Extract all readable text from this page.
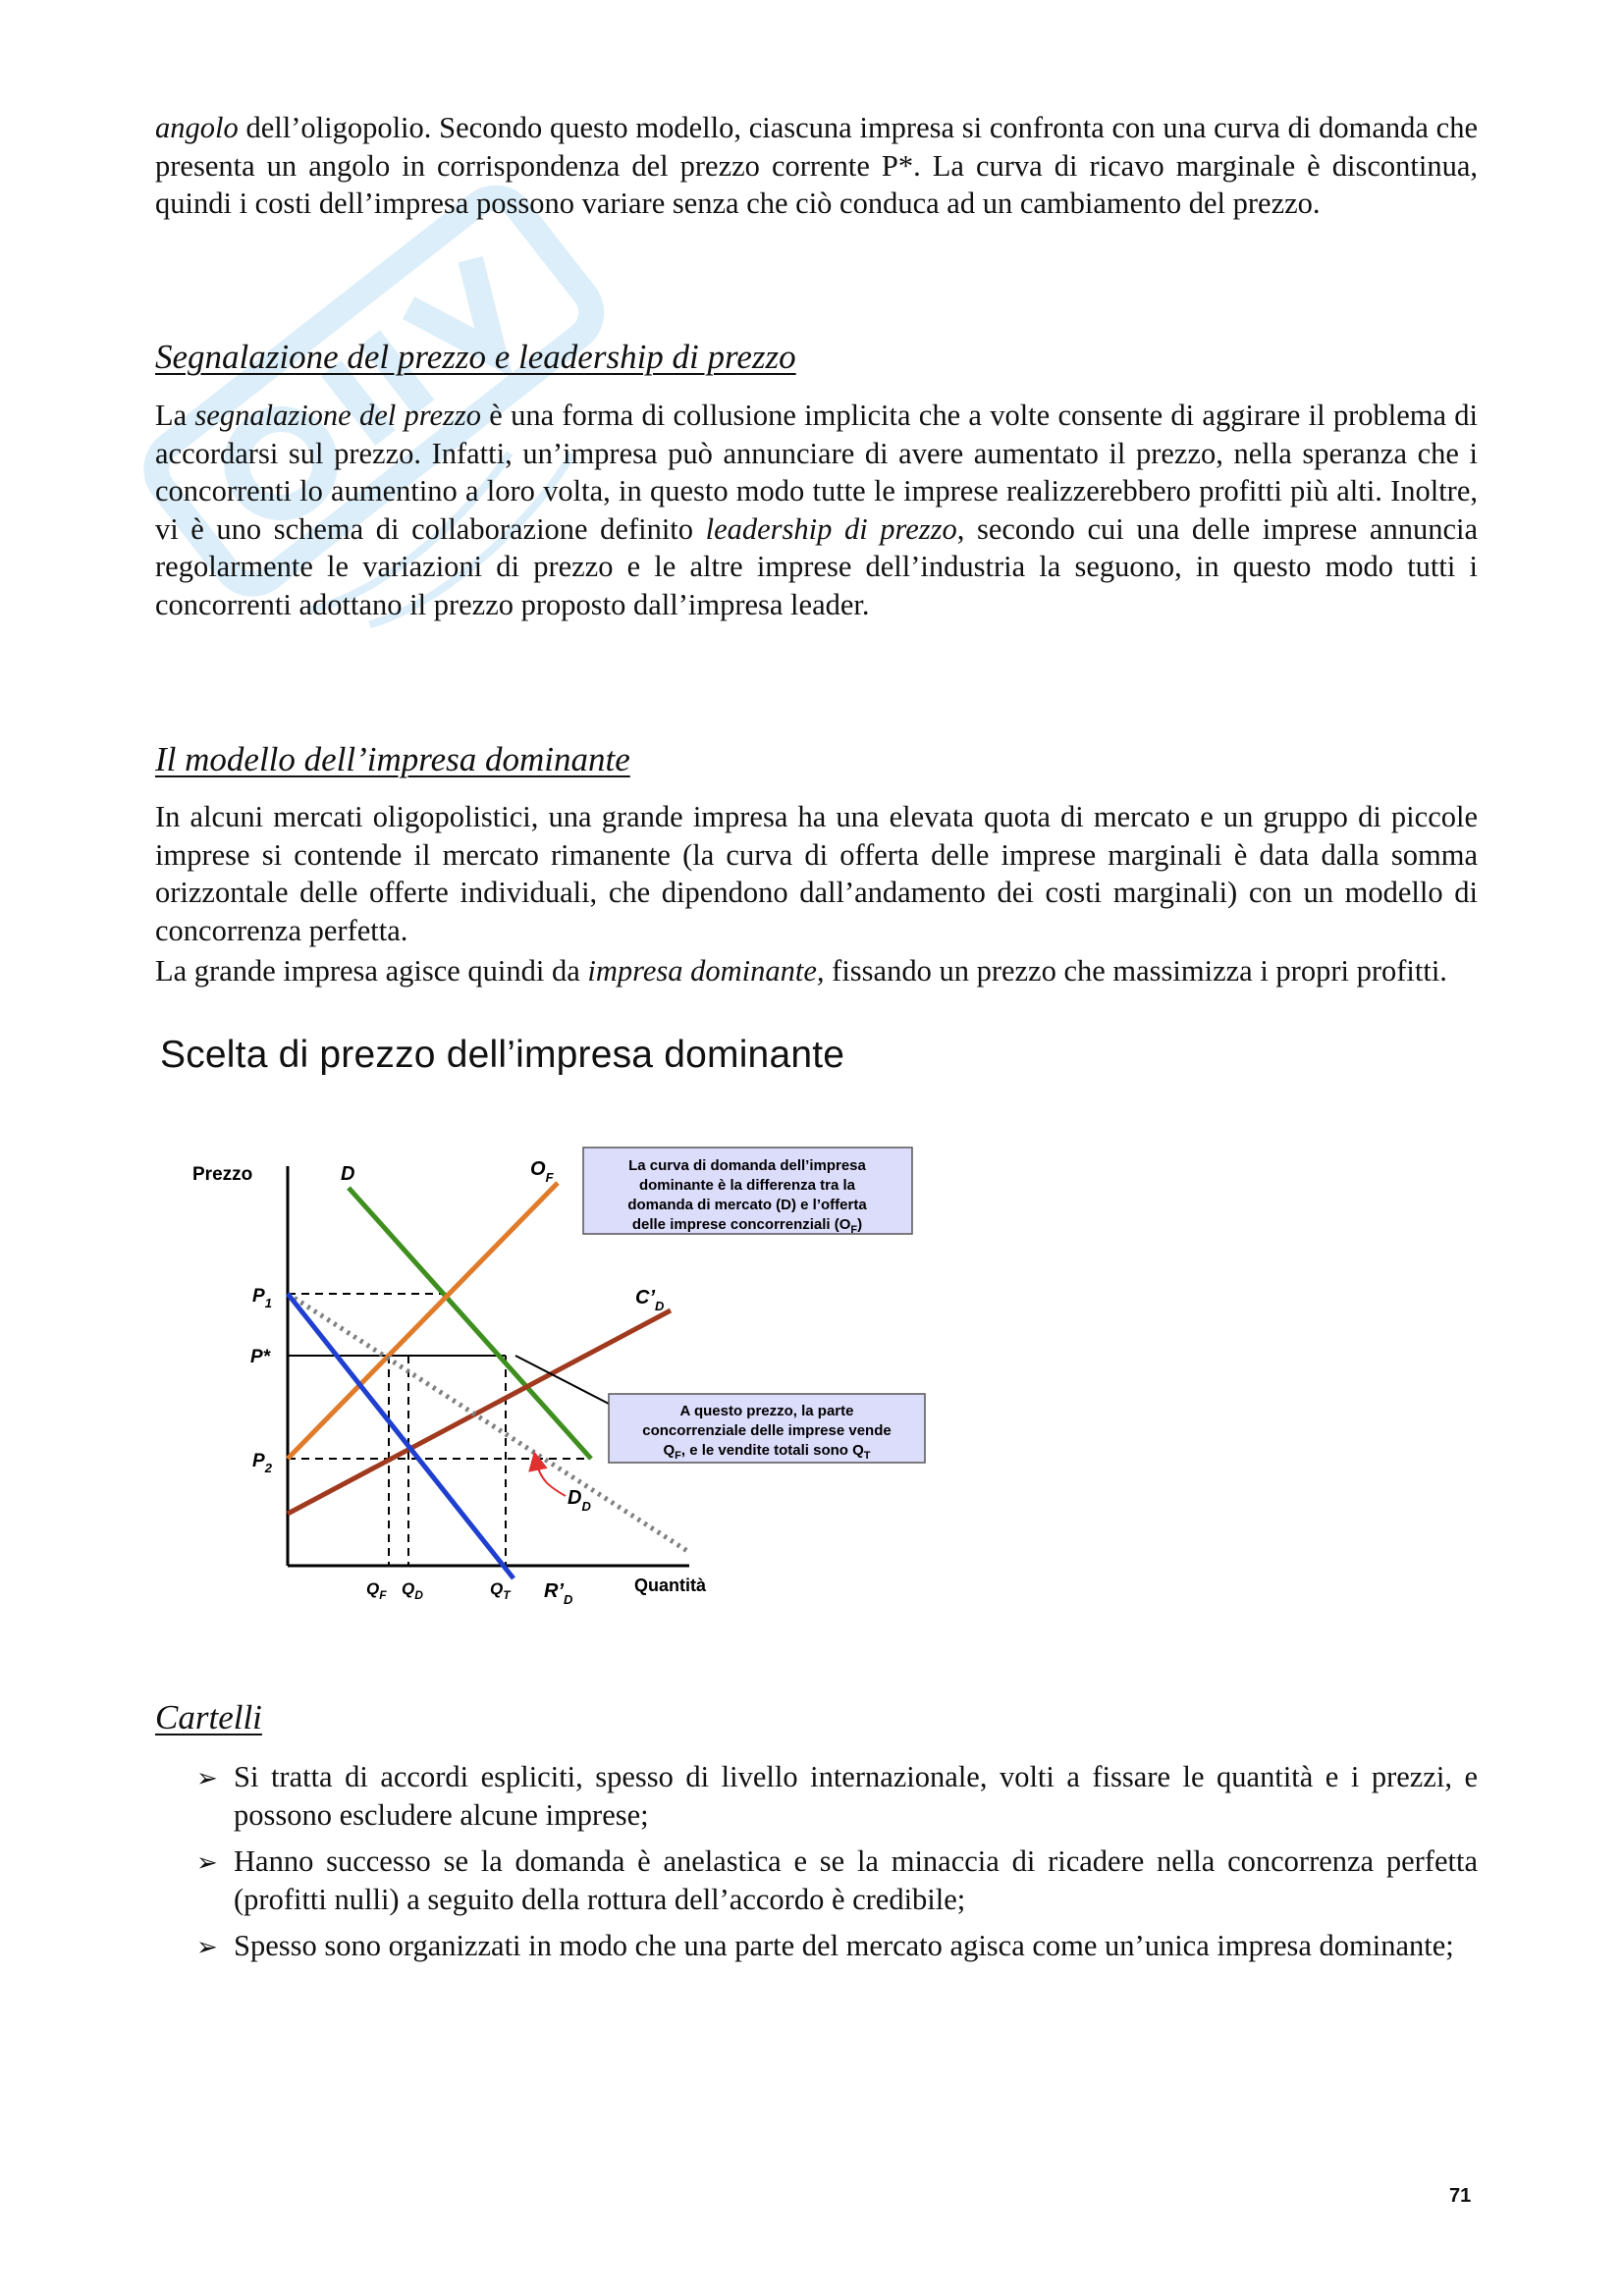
angolo dell’oligopolio. Secondo questo modello, ciascuna impresa si confronta con una curva di domanda che presenta un angolo in corrispondenza del prezzo corrente P*. La curva di ricavo marginale è discontinua, quindi i costi dell’impresa possono variare senza che ciò conduca ad un cambiamento del prezzo.

Segnalazione del prezzo e leadership di prezzo

La segnalazione del prezzo è una forma di collusione implicita che a volte consente di aggirare il problema di accordarsi sul prezzo. Infatti, un’impresa può annunciare di avere aumentato il prezzo, nella speranza che i concorrenti lo aumentino a loro volta, in questo modo tutte le imprese realizzerebbero profitti più alti. Inoltre, vi è uno schema di collaborazione definito leadership di prezzo, secondo cui una delle imprese annuncia regolarmente le variazioni di prezzo e le altre imprese dell’industria la seguono, in questo modo tutti i concorrenti adottano il prezzo proposto dall’impresa leader.

Il modello dell’impresa dominante

In alcuni mercati oligopolistici, una grande impresa ha una elevata quota di mercato e un gruppo di piccole imprese si contende il mercato rimanente (la curva di offerta delle imprese marginali è data dalla somma orizzontale delle offerte individuali, che dipendono dall’andamento dei costi marginali) con un modello di concorrenza perfetta.

La grande impresa agisce quindi da impresa dominante, fissando un prezzo che massimizza i propri profitti.

Scelta di prezzo dell’impresa dominante
Prezzo
Quantità
$P_1$
P*
$P_2$
$Q_F$ $Q_D$	$Q_T$
D	$O_F$
$C’_D$
$D_D$
$R’_D$
La curva di domanda dell’impresa
dominante è la differenza tra la
domanda di mercato (D) e l’offerta
delle imprese concorrenziali $(O_F)$
A questo prezzo, la parte
concorrenziale delle imprese vende
$Q_F$, e le vendite totali sono $Q_T$
Cartelli
➢ Si tratta di accordi espliciti, spesso di livello internazionale, volti a fissare le quantità e i prezzi, e possono escludere alcune imprese;
➢ Hanno successo se la domanda è anelastica e se la minaccia di ricadere nella concorrenza perfetta (profitti nulli) a seguito della rottura dell’accordo è credibile;
➢ Spesso sono organizzati in modo che una parte del mercato agisca come un’unica impresa dominante;
71
